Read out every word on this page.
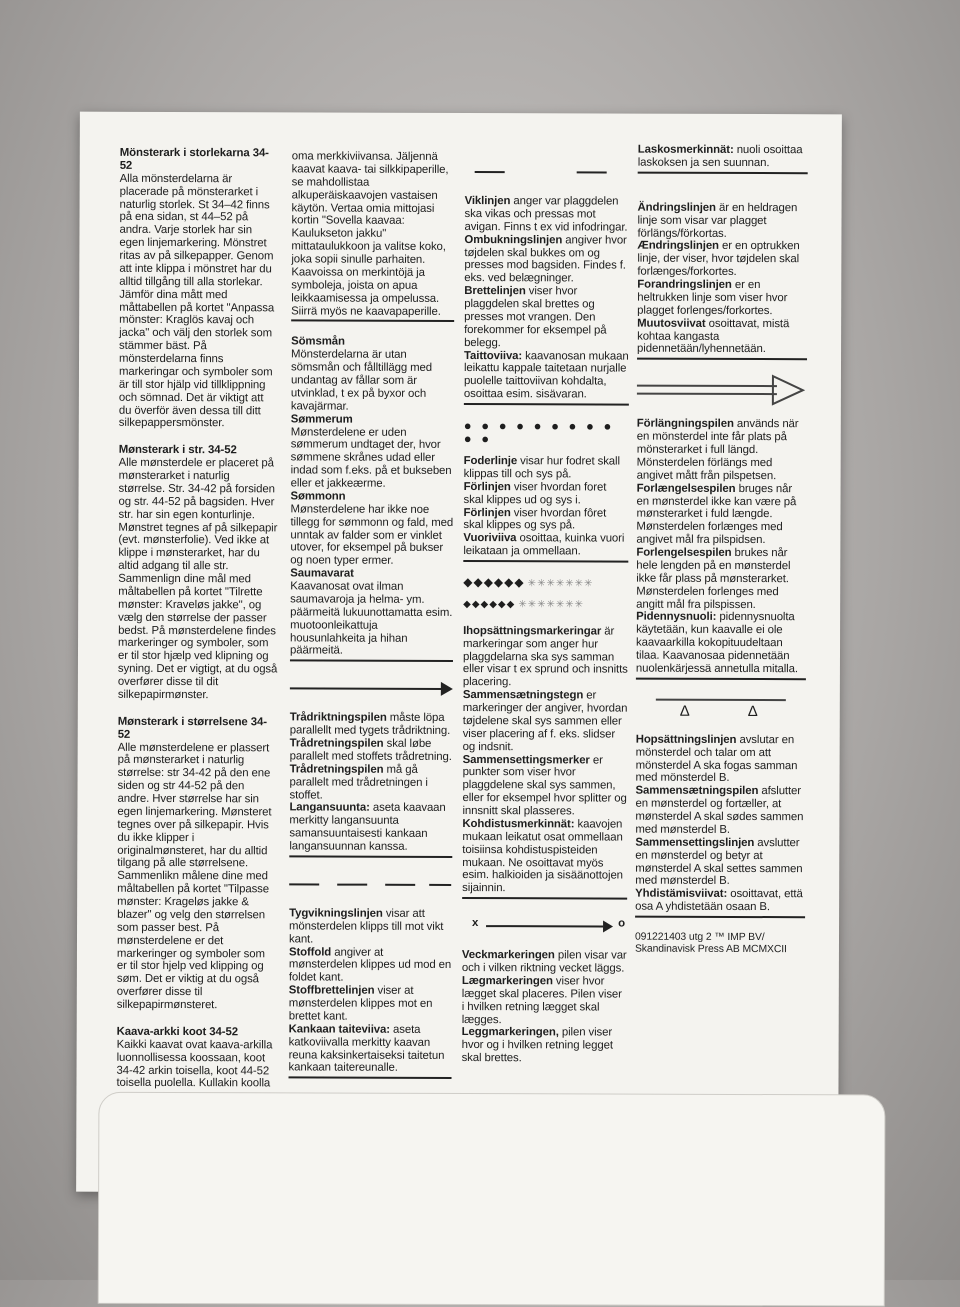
Mönsterark i storlekarna 34-52
Alla mönsterdelarna är placerade på mönsterarket i naturlig storlek. St 34–42 finns på ena sidan, st 44–52 på andra. Varje storlek har sin egen linjemarkering. Mönstret ritas av på silkepapper. Genom att inte klippa i mönstret har du alltid tillgång till alla storlekar. Jämför dina mått med måttabellen på kortet "Anpassa mönster: Kraglös kavaj och jacka" och välj den storlek som stämmer bäst. På mönsterdelarna finns markeringar och symboler som är till stor hjälp vid tillklippning och sömnad. Det är viktigt att du överför även dessa till ditt silkepappersmönster.
Mønsterark i str. 34-52
Alle mønsterdele er placeret på mønsterarket i naturlig størrelse. Str. 34-42 på forsiden og str. 44-52 på bagsiden. Hver str. har sin egen konturlinje. Mønstret tegnes af på silkepapir (evt. mønsterfolie). Ved ikke at klippe i mønsterarket, har du altid adgang til alle str. Sammenlign dine mål med måltabellen på kortet "Tilrette mønster: Kraveløs jakke", og vælg den størrelse der passer bedst. På mønsterdelene findes markeringer og symboler, som er til stor hjælp ved klipning og syning. Det er vigtigt, at du også overfører disse til dit silkepapirmønster.
Mønsterark i størrelsene 34-52
Alle mønsterdelene er plassert på mønsterarket i naturlig størrelse: str 34-42 på den ene siden og str 44-52 på den andre. Hver størrelse har sin egen linjemarkering. Mønsteret tegnes over på silkepapir. Hvis du ikke klipper i originalmønsteret, har du alltid tilgang på alle størrelsene. Sammenlikn målene dine med måltabellen på kortet "Tilpasse mønster: Krageløs jakke & blazer" og velg den størrelsen som passer best. På mønsterdelene er det markeringer og symboler som er til stor hjelp ved klipping og søm. Det er viktig at du også overfører disse til silkepapirmønsteret.
Kaava-arkki koot 34-52
Kaikki kaavat ovat kaava-arkilla luonnollisessa koossaan, koot 34-42 arkin toisella, koot 44-52 toisella puolella. Kullakin koolla
oma merkkiviivansa. Jäljennä kaavat kaava- tai silkkipaperille, se mahdollistaa alkuperäiskaavojen vastaisen käytön. Vertaa omia mittojasi kortin "Sovella kaavaa: Kaulukseton jakku" mittataulukkoon ja valitse koko, joka sopii sinulle parhaiten. Kaavoissa on merkintöjä ja symboleja, joista on apua leikkaamisessa ja ompelussa. Siirrä myös ne kaavapaperille.
Sömsmån
Mönsterdelarna är utan sömsmån och fålltillägg med undantag av fållar som är utvinklad, t ex på byxor och kavajärmar.
Sømmerum
Mønsterdelene er uden sømmerum undtaget der, hvor sømmene skrånes udad eller indad som f.eks. på et bukseben eller et jakkeærme.
Sømmonn
Mønsterdelene har ikke noe tillegg for sømmonn og fald, med unntak av falder som er vinklet utover, for eksempel på bukser og noen typer ermer.
Saumavarat
Kaavanosat ovat ilman saumavaroja ja helma- ym. päärmeitä lukuunottamatta esim. muotoonleikattuja housunlahkeita ja hihan päärmeitä.
Trådriktningspilen måste löpa parallellt med tygets trådriktning.
Trådretningspilen skal løbe parallelt med stoffets trådretning.
Trådretningspilen må gå parallelt med trådretningen i stoffet.
Langansuunta: aseta kaavaan merkitty langansuunta samansuuntaisesti kankaan langansuunnan kanssa.
Tygvikningslinjen visar att mönsterdelen klipps till mot vikt kant.
Stoffold angiver at mønsterdelen klippes ud mod en foldet kant.
Stoffbrettelinjen viser at mønsterdelen klippes mot en brettet kant.
Kankaan taiteviiva: aseta katkoviivalla merkitty kaavan reuna kaksinkertaiseksi taitetun kankaan taitereunalle.
Viklinjen anger var plaggdelen ska vikas och pressas mot avigan. Finns t ex vid infodringar.
Ombukningslinjen angiver hvor tøjdelen skal bukkes om og presses mod bagsiden. Findes f. eks. ved belægninger.
Brettelinjen viser hvor plaggdelen skal brettes og presses mot vrangen. Den forekommer for eksempel på belegg.
Taittoviiva: kaavanosan mukaan leikattu kappale taitetaan nurjalle puolelle taittoviivan kohdalta, osoittaa esim. sisävaran.
● ● ● ● ● ● ● ● ● ● ●
Foderlinje visar hur fodret skall klippas till och sys på.
Förlinjen viser hvordan foret skal klippes ud og sys i.
Förlinjen viser hvordan fôret skal klippes og sys på.
Vuoriviiva osoittaa, kuinka vuori leikataan ja ommellaan.
◆◆◆◆◆◆ ✳✳✳✳✳✳✳
◆◆◆◆◆◆ ✳✳✳✳✳✳✳
Ihopsättningsmarkeringar är markeringar som anger hur plaggdelarna ska sys samman eller visar t ex sprund och insnitts placering.
Sammensætningstegn er markeringer der angiver, hvordan tøjdelene skal sys sammen eller viser placering af f. eks. slidser og indsnit.
Sammensettingsmerker er punkter som viser hvor plaggdelene skal sys sammen, eller for eksempel hvor splitter og innsnitt skal plasseres.
Kohdistusmerkinnät: kaavojen mukaan leikatut osat ommellaan toisiinsa kohdistuspisteiden mukaan. Ne osoittavat myös esim. halkioiden ja sisäänottojen sijainnin.
x	o
Veckmarkeringen pilen visar var och i vilken riktning vecket läggs.
Lægmarkeringen viser hvor lægget skal placeres. Pilen viser i hvilken retning lægget skal lægges.
Leggmarkeringen, pilen viser hvor og i hvilken retning legget skal brettes.
Laskosmerkinnät: nuoli osoittaa laskoksen ja sen suunnan.
Ändringslinjen är en heldragen linje som visar var plagget förlängs/förkortas.
Ændringslinjen er en optrukken linje, der viser, hvor tøjdelen skal forlænges/forkortes.
Forandringslinjen er en heltrukken linje som viser hvor plagget forlenges/forkortes.
Muutosviivat osoittavat, mistä kohtaa kangasta pidennetään/lyhennetään.
Förlängningspilen används när en mönsterdel inte får plats på mönsterarket i full längd. Mönsterdelen förlängs med angivet mått från pilspetsen.
Forlængelsespilen bruges når en mønsterdel ikke kan være på mønsterarket i fuld længde. Mønsterdelen forlænges med angivet mål fra pilspidsen.
Forlengelsespilen brukes når hele lengden på en mønsterdel ikke får plass på mønsterarket. Mønsterdelen forlenges med angitt mål fra pilspissen.
Pidennysnuoli: pidennysnuolta käytetään, kun kaavalle ei ole kaavaarkilla kokopituudeltaan tilaa. Kaavanosaa pidennetään nuolenkärjessä annetulla mitalla.
Δ	Δ
Hopsättningslinjen avslutar en mönsterdel och talar om att mönsterdel A ska fogas samman med mönsterdel B.
Sammensætningspilen afslutter en mønsterdel og fortæller, at mønsterdel A skal sødes sammen med mønsterdel B.
Sammensettingslinjen avslutter en mønsterdel og betyr at mønsterdel A skal settes sammen med mønsterdel B.
Yhdistämisviivat: osoittavat, että osa A yhdistetään osaan B.
091221403 utg 2 ™ IMP BV/
Skandinavisk Press AB MCMXCII
